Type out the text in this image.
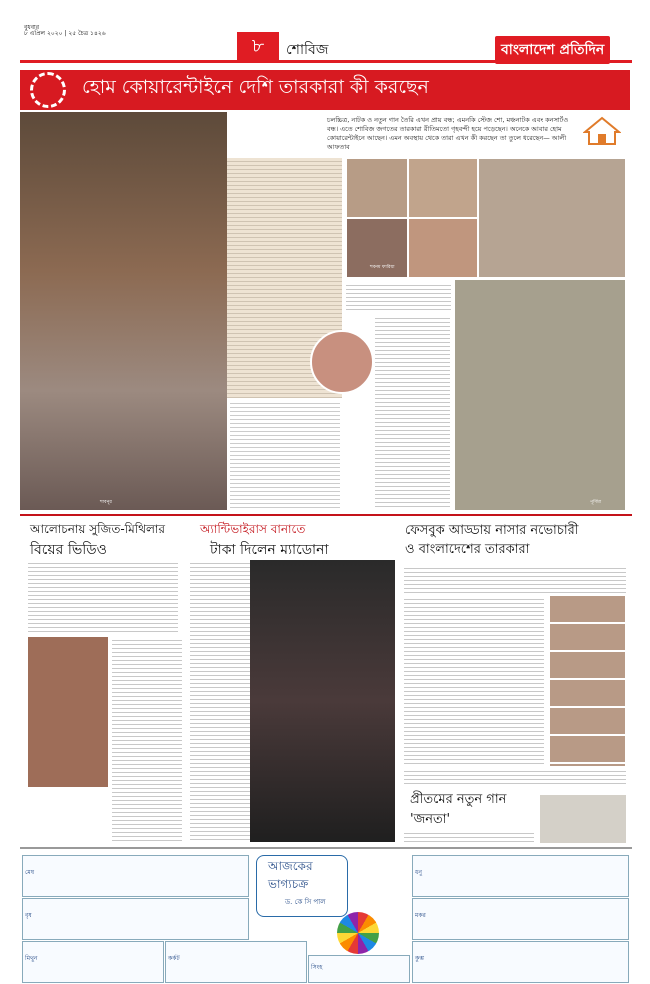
বুধবার
৮ এপ্রিল ২০২০ | ২৫ চৈত্র ১৪২৬
৮	শোবিজ	বাংলাদেশ প্রতিদিন
হোম কোয়ারেন্টাইনে দেশি তারকারা কী করছেন
চলচ্চিত্র, নাটক ও নতুন গান তৈরি এখন প্রায় বন্ধ; এমনকি স্টেজ শো, মঞ্চনাটক এবং কনসার্টও বন্ধ। এতে শোবিজ জগতের তারকারা রীতিমতো গৃহবন্দী হয়ে পড়েছেন। অনেকে আবার হোম কোয়ারেন্টাইনে আছেন। এমন অবস্থায় থেকে তারা এখন কী করছেন তা তুলে ধরেছেন— আলী আফতাব
শাবনূর
শবনম ফারিয়া
পূর্ণিমা
আলোচনায় সুজিত-মিথিলার
বিয়ের ভিডিও
অ্যান্টিভাইরাস বানাতে
টাকা দিলেন ম্যাডোনা
ফেসবুক আড্ডায় নাসার নভোচারী
ও বাংলাদেশের তারকারা
প্রীতমের নতুন গান
'জনতা'
আজকের
ভাগ্যচক্র
ড. কে সি পাল
মেষ
বৃষ
মিথুন	কর্কট
সিংহ
ধনু
মকর
কুম্ভ
